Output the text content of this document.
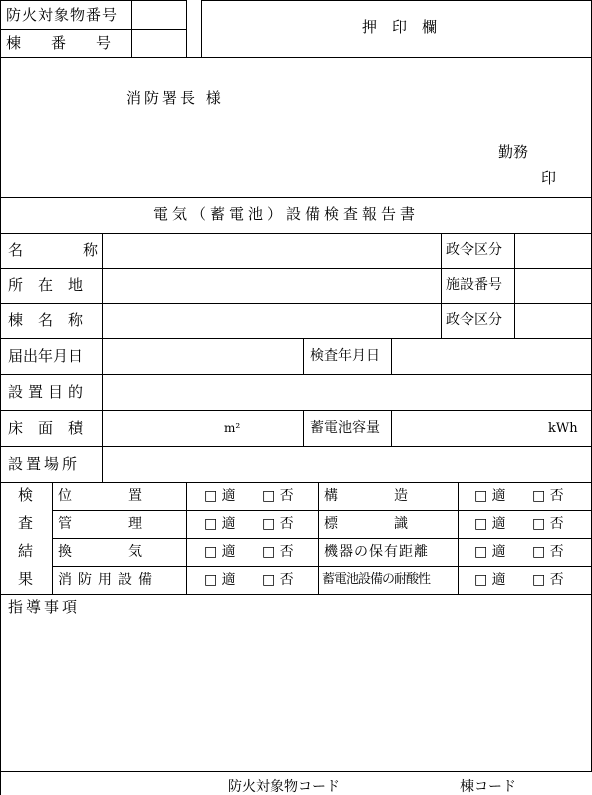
防火対象物番号
棟　　番　　号
押　印　欄
消防署長 様
勤務
印
電気（蓄電池）設備検査報告書
名　　　　称	政令区分
所　在　地	施設番号
棟　名　称	政令区分
届出年月日	検査年月日
設置目的
床　面　積	m²	蓄電池容量	kWh
設置場所
検
査
結
果
位　　　　置	□ 適 □ 否 構　　　　造	□ 適 □ 否
管　　　　理	□ 適 □ 否 標　　　　識	□ 適 □ 否
換　　　　気	□ 適 □ 否 機器の保有距離	□ 適 □ 否
消防用設備	□ 適 □ 否 蓄電池設備の耐酸性	□ 適 □ 否
指導事項
防火対象物コード	棟コード
